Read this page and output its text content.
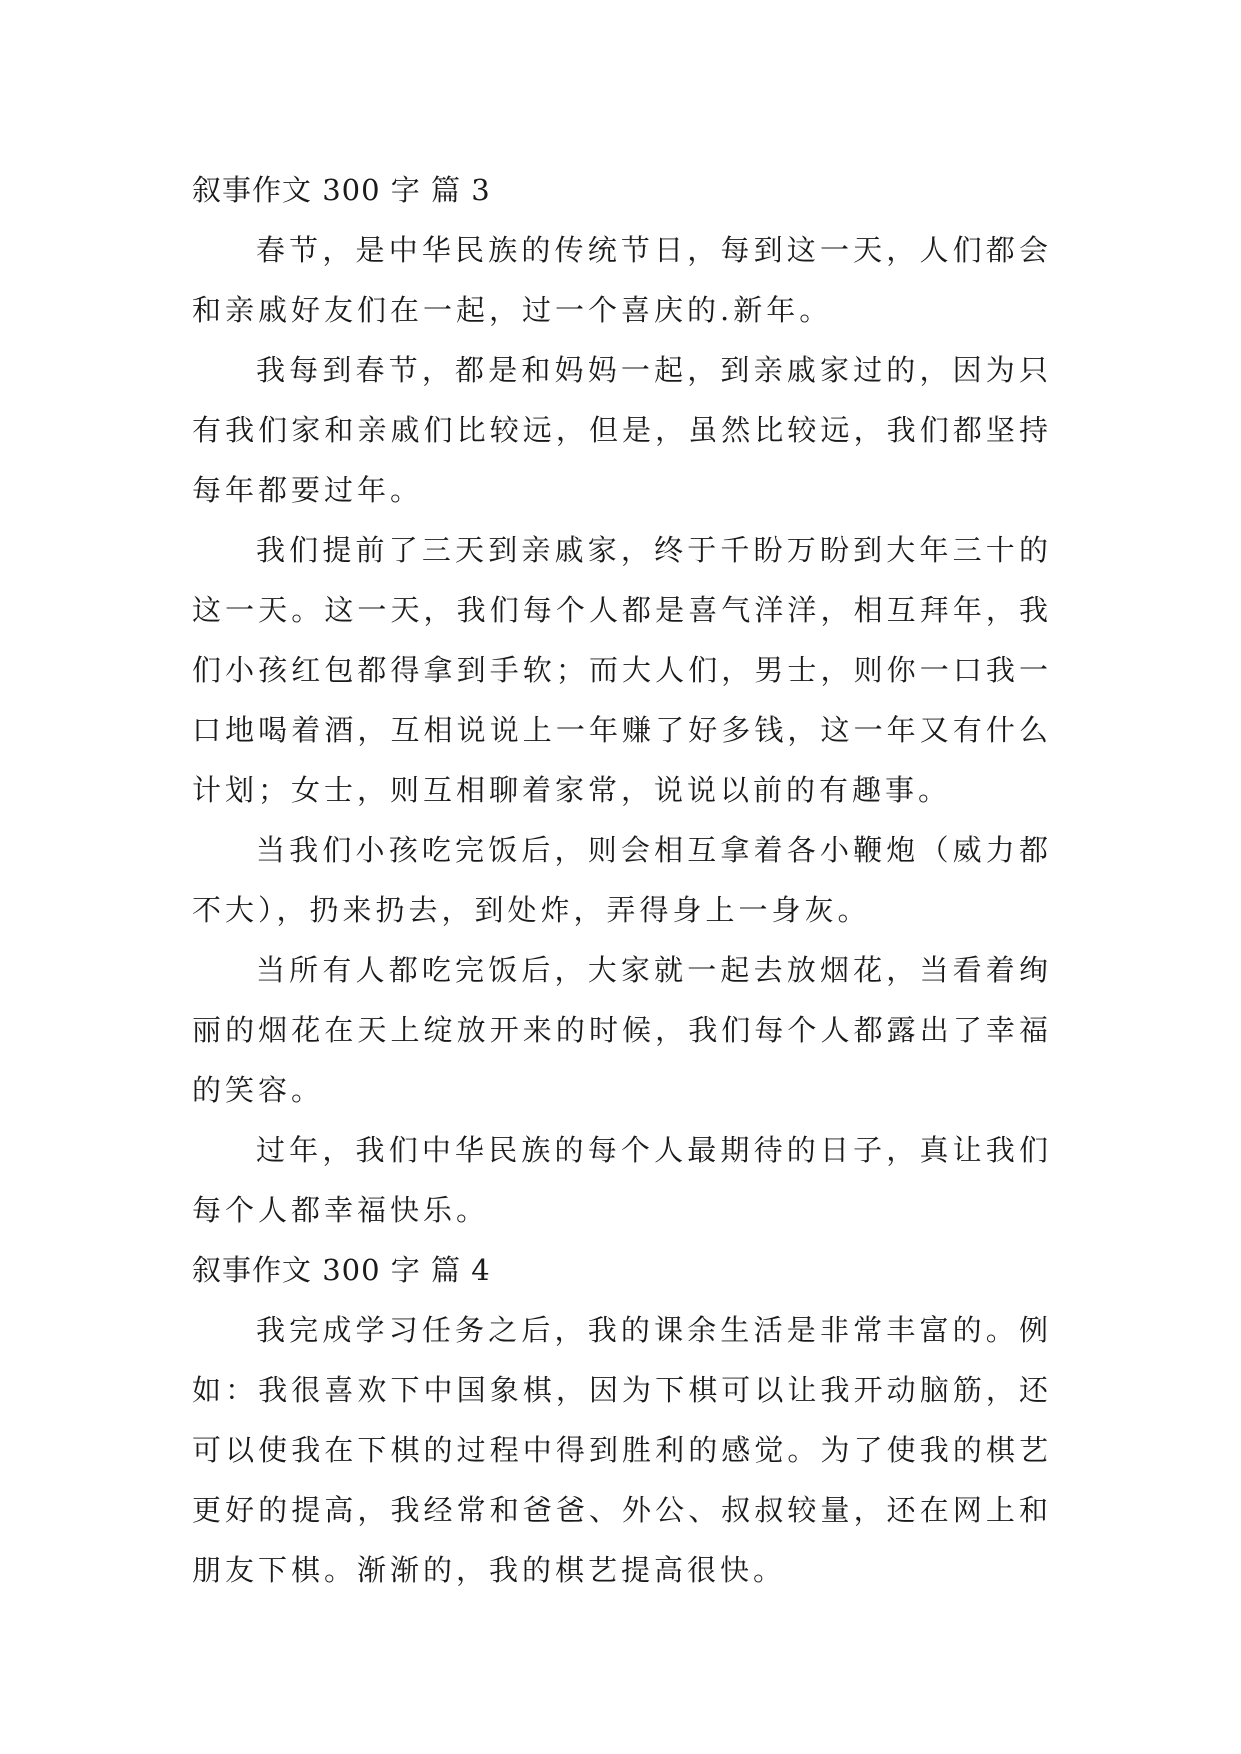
叙事作文 300 字 篇 3

春节，是中华民族的传统节日，每到这一天，人们都会和亲戚好友们在一起，过一个喜庆的.新年。

我每到春节，都是和妈妈一起，到亲戚家过的，因为只有我们家和亲戚们比较远，但是，虽然比较远，我们都坚持每年都要过年。

我们提前了三天到亲戚家，终于千盼万盼到大年三十的这一天。这一天，我们每个人都是喜气洋洋，相互拜年，我们小孩红包都得拿到手软；而大人们，男士，则你一口我一口地喝着酒，互相说说上一年赚了好多钱，这一年又有什么计划；女士，则互相聊着家常，说说以前的有趣事。

当我们小孩吃完饭后，则会相互拿着各小鞭炮（威力都不大），扔来扔去，到处炸，弄得身上一身灰。

当所有人都吃完饭后，大家就一起去放烟花，当看着绚丽的烟花在天上绽放开来的时候，我们每个人都露出了幸福的笑容。

过年，我们中华民族的每个人最期待的日子，真让我们每个人都幸福快乐。

叙事作文 300 字 篇 4

我完成学习任务之后，我的课余生活是非常丰富的。例如：我很喜欢下中国象棋，因为下棋可以让我开动脑筋，还可以使我在下棋的过程中得到胜利的感觉。为了使我的棋艺更好的提高，我经常和爸爸、外公、叔叔较量，还在网上和朋友下棋。渐渐的，我的棋艺提高很快。
